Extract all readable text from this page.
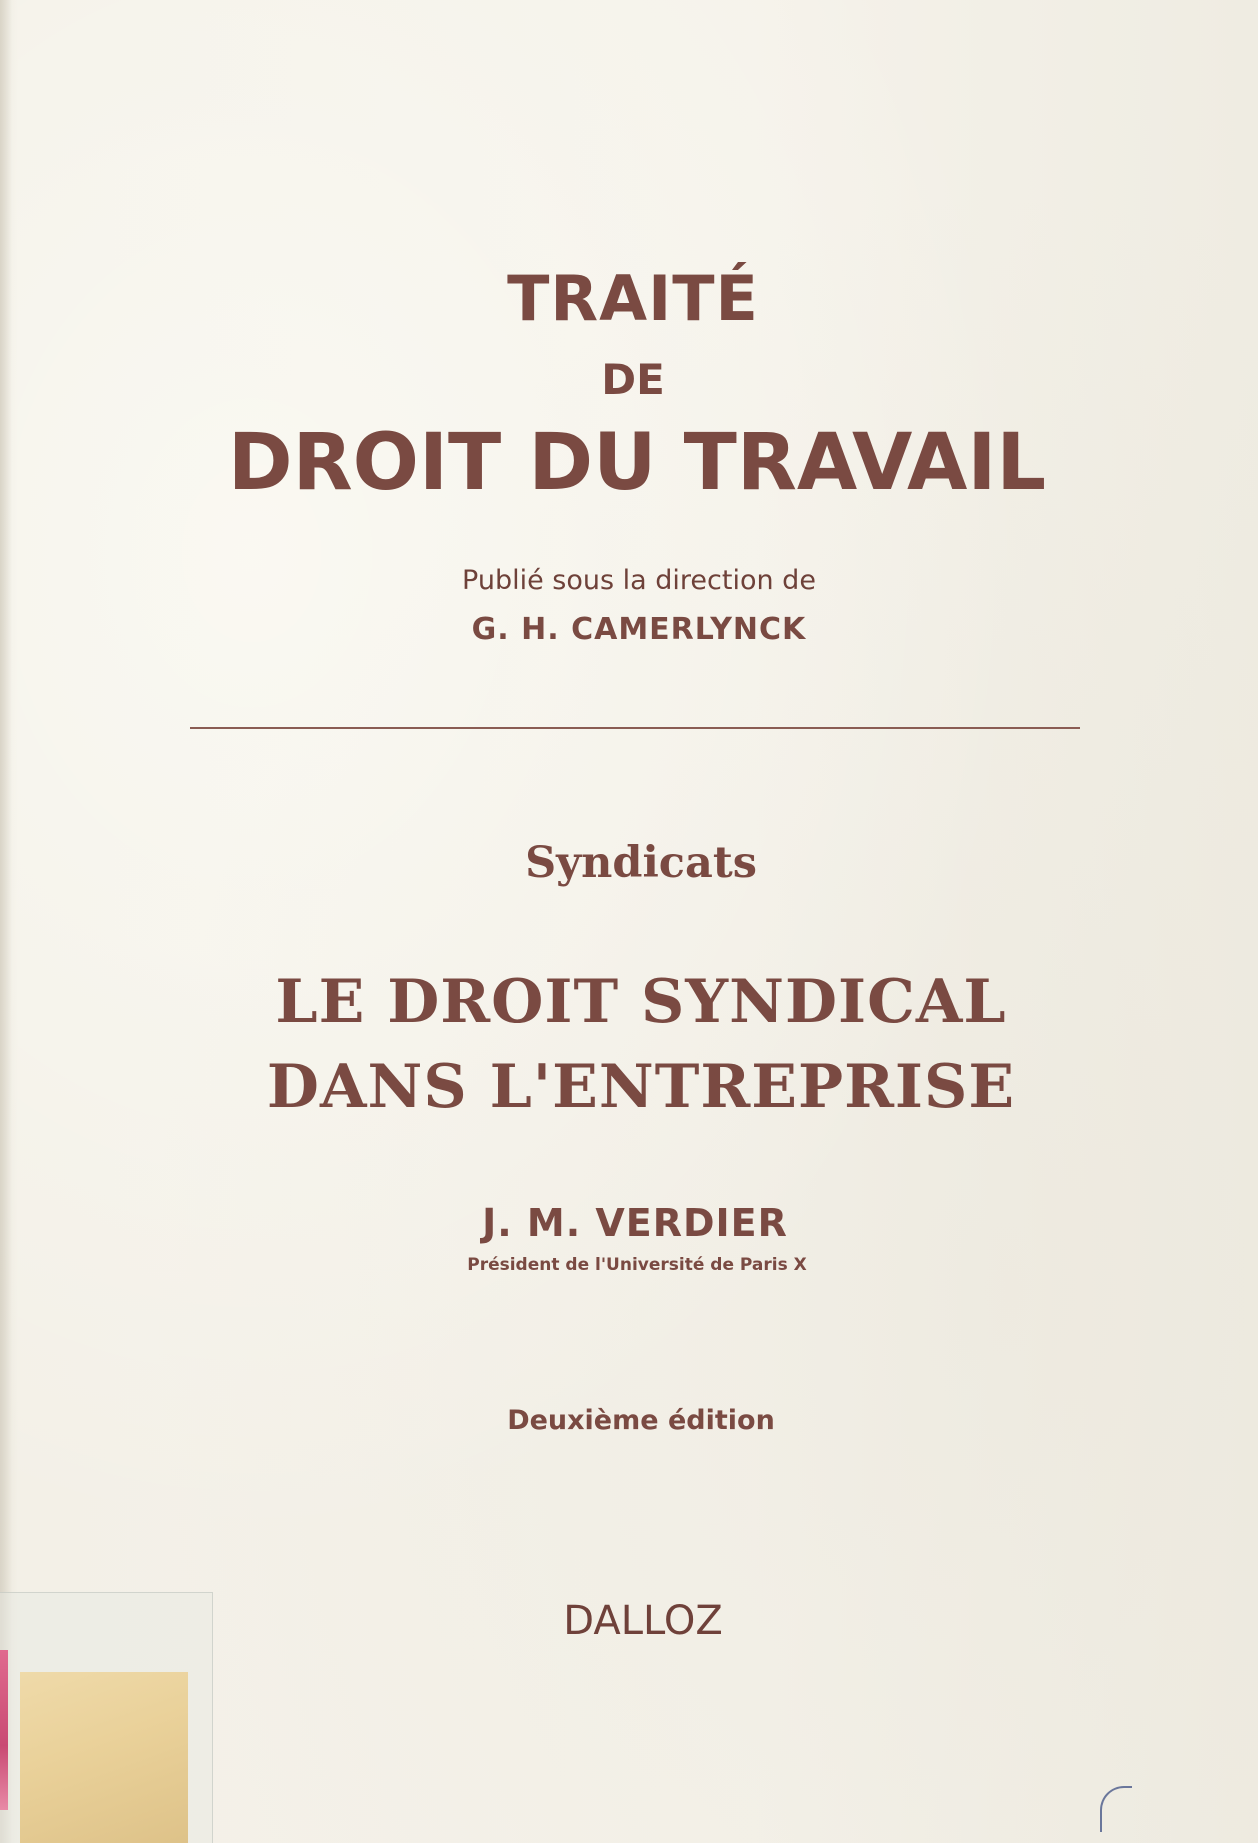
TRAITÉ

DE

DROIT DU TRAVAIL

Publié sous la direction de

G. H. CAMERLYNCK

Syndicats

LE DROIT SYNDICAL

DANS L'ENTREPRISE

J. M. VERDIER

Président de l'Université de Paris X

Deuxième édition

DALLOZ
